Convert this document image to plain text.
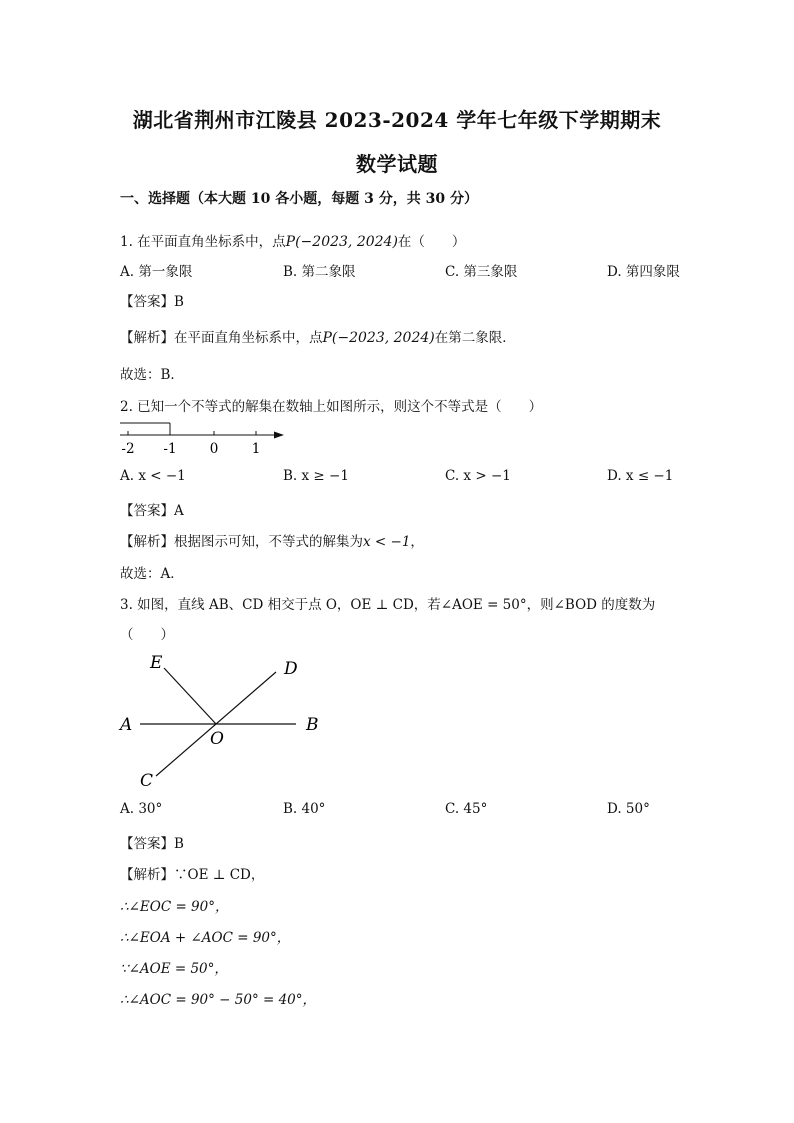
湖北省荆州市江陵县 2023-2024 学年七年级下学期期末
数学试题
一、选择题（本大题 10 各小题，每题 3 分，共 30 分）
1. 在平面直角坐标系中，点P(−2023, 2024)在（　　）
A. 第一象限	B. 第二象限	C. 第三象限	D. 第四象限
【答案】B
【解析】在平面直角坐标系中，点P(−2023, 2024)在第二象限．
故选：B．
2. 已知一个不等式的解集在数轴上如图所示，则这个不等式是（　　）
-2 -1 0 1
A. x < −1	B. x ≥ −1	C. x > −1	D. x ≤ −1
【答案】A
【解析】根据图示可知，不等式的解集为x < −1，
故选：A．
3. 如图，直线 AB、CD 相交于点 O，OE ⊥ CD，若∠AOE = 50°，则∠BOD 的度数为
（　　）
E	D
A
O
B
C
A. 30°	B. 40°	C. 45°	D. 50°
【答案】B
【解析】∵OE ⊥ CD，
∴∠EOC = 90°，
∴∠EOA + ∠AOC = 90°，
∵∠AOE = 50°，
∴∠AOC = 90° − 50° = 40°，
